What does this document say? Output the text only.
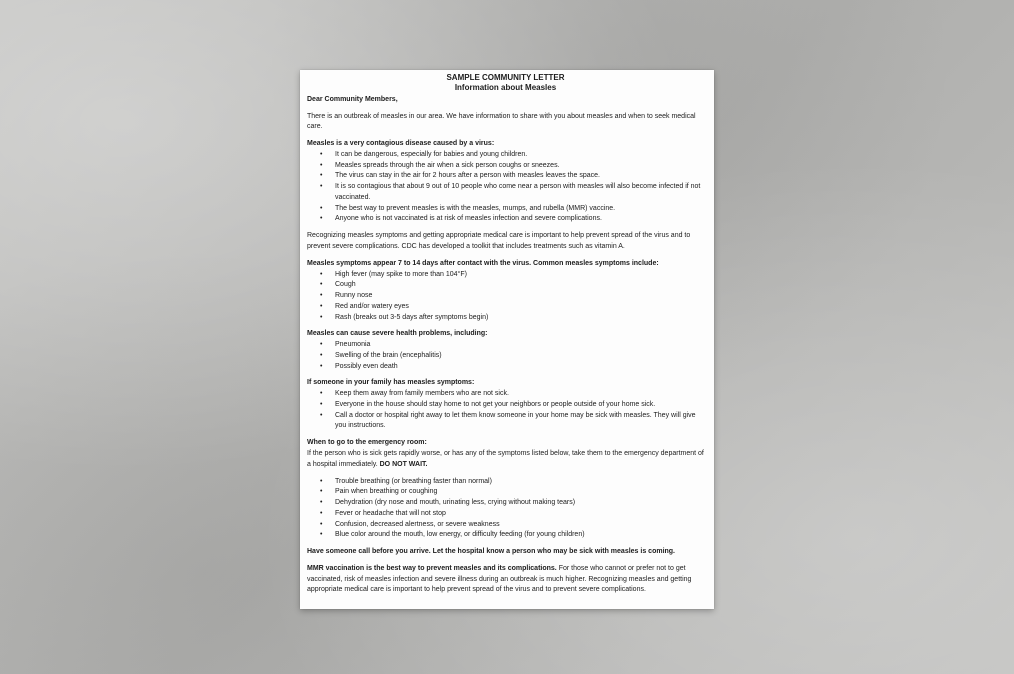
SAMPLE COMMUNITY LETTER
Information about Measles

Dear Community Members,

There is an outbreak of measles in our area. We have information to share with you about measles and when to seek medical care.

Measles is a very contagious disease caused by a virus:
• It can be dangerous, especially for babies and young children.
• Measles spreads through the air when a sick person coughs or sneezes.
• The virus can stay in the air for 2 hours after a person with measles leaves the space.
• It is so contagious that about 9 out of 10 people who come near a person with measles will also become infected if not vaccinated.
• The best way to prevent measles is with the measles, mumps, and rubella (MMR) vaccine.
• Anyone who is not vaccinated is at risk of measles infection and severe complications.

Recognizing measles symptoms and getting appropriate medical care is important to help prevent spread of the virus and to prevent severe complications. CDC has developed a toolkit that includes treatments such as vitamin A.

Measles symptoms appear 7 to 14 days after contact with the virus. Common measles symptoms include:
• High fever (may spike to more than 104°F)
• Cough
• Runny nose
• Red and/or watery eyes
• Rash (breaks out 3-5 days after symptoms begin)
Measles can cause severe health problems, including:
• Pneumonia
• Swelling of the brain (encephalitis)
• Possibly even death
If someone in your family has measles symptoms:
• Keep them away from family members who are not sick.
• Everyone in the house should stay home to not get your neighbors or people outside of your home sick.
• Call a doctor or hospital right away to let them know someone in your home may be sick with measles. They will give you instructions.
When to go to the emergency room:

If the person who is sick gets rapidly worse, or has any of the symptoms listed below, take them to the emergency department of a hospital immediately. DO NOT WAIT.

• Trouble breathing (or breathing faster than normal)
• Pain when breathing or coughing
• Dehydration (dry nose and mouth, urinating less, crying without making tears)
• Fever or headache that will not stop
• Confusion, decreased alertness, or severe weakness
• Blue color around the mouth, low energy, or difficulty feeding (for young children)

Have someone call before you arrive. Let the hospital know a person who may be sick with measles is coming.

MMR vaccination is the best way to prevent measles and its complications. For those who cannot or prefer not to get vaccinated, risk of measles infection and severe illness during an outbreak is much higher. Recognizing measles and getting appropriate medical care is important to help prevent spread of the virus and to prevent severe complications.
